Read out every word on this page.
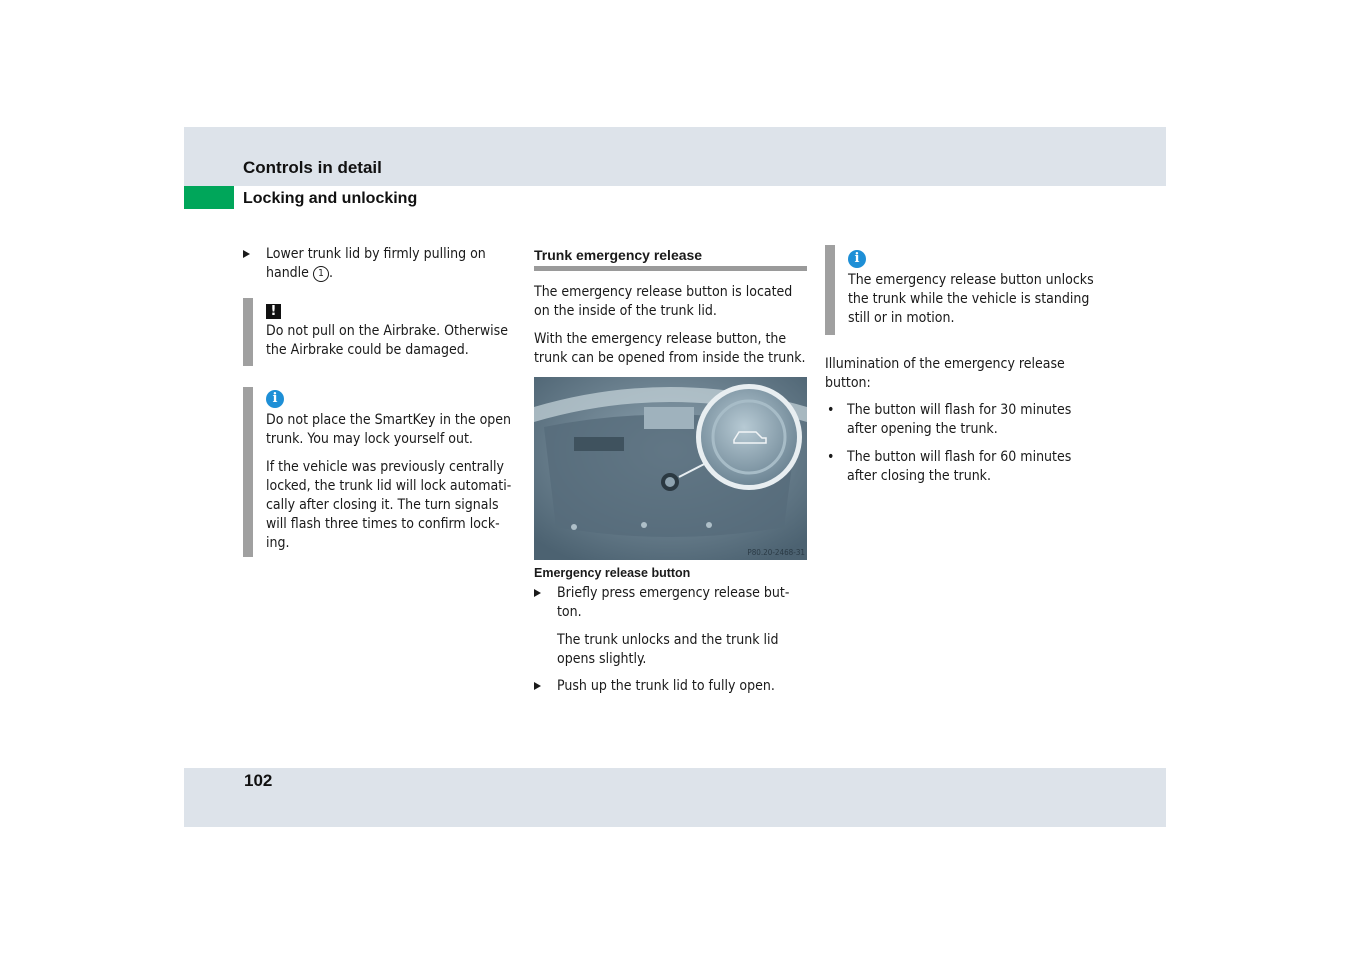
Controls in detail
Locking and unlocking

Lower trunk lid by firmly pulling on handle 1 .

!

Do not pull on the Airbrake. Otherwise the Airbrake could be damaged.

i

Do not place the SmartKey in the open trunk. You may lock yourself out.

If the vehicle was previously centrally locked, the trunk lid will lock automati-cally after closing it. The turn signals will flash three times to confirm lock-ing.

Trunk emergency release

The emergency release button is located on the inside of the trunk lid.

With the emergency release button, the trunk can be opened from inside the trunk.

P80.20-2468-31

Emergency release button

Briefly press emergency release but-ton.

The trunk unlocks and the trunk lid opens slightly.

Push up the trunk lid to fully open.

i

The emergency release button unlocks the trunk while the vehicle is standing still or in motion.

Illumination of the emergency release button:

• The button will flash for 30 minutes after opening the trunk.

• The button will flash for 60 minutes after closing the trunk.

102
